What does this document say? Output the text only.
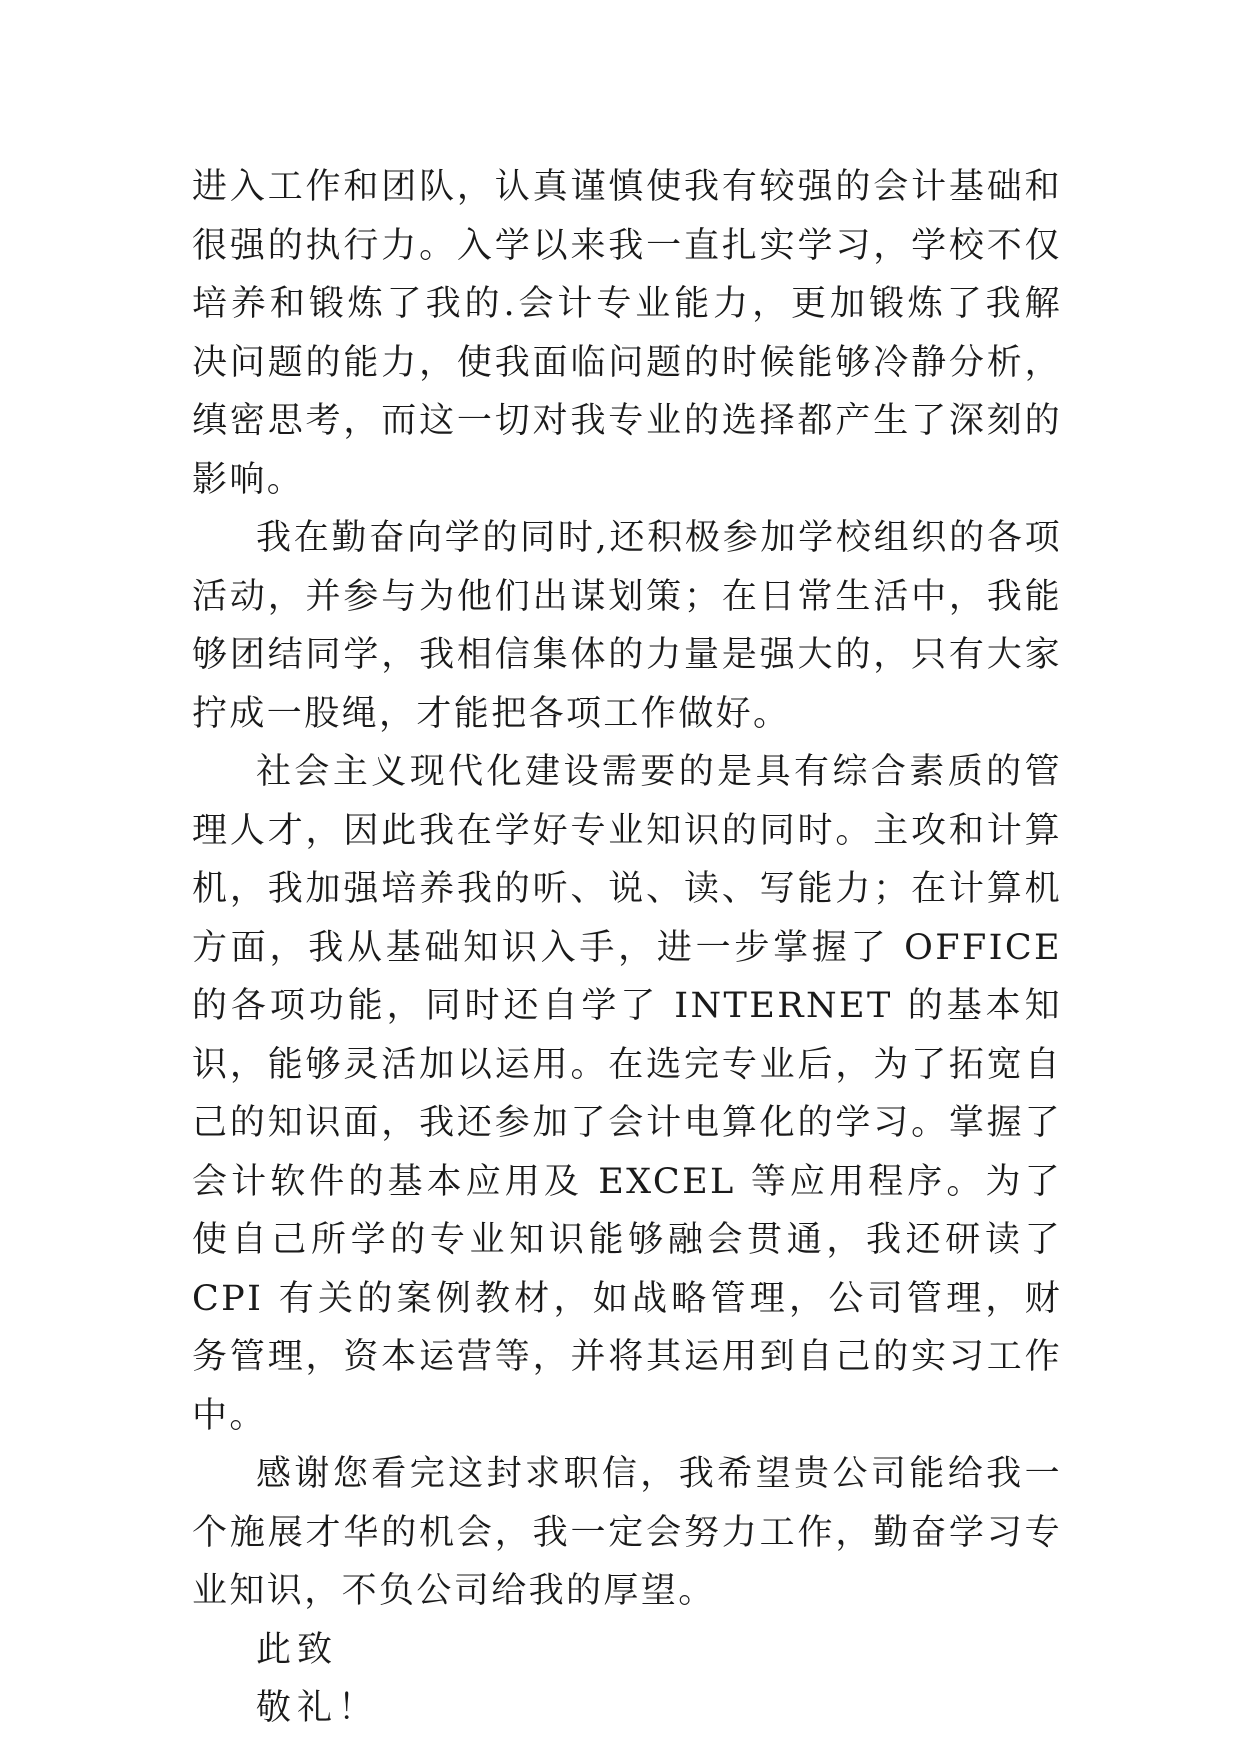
进入工作和团队，认真谨慎使我有较强的会计基础和很强的执行力。入学以来我一直扎实学习，学校不仅培养和锻炼了我的.会计专业能力，更加锻炼了我解决问题的能力，使我面临问题的时候能够冷静分析，缜密思考，而这一切对我专业的选择都产生了深刻的影响。

我在勤奋向学的同时,还积极参加学校组织的各项活动，并参与为他们出谋划策；在日常生活中，我能够团结同学，我相信集体的力量是强大的，只有大家拧成一股绳，才能把各项工作做好。

社会主义现代化建设需要的是具有综合素质的管理人才，因此我在学好专业知识的同时。主攻和计算机，我加强培养我的听、说、读、写能力；在计算机方面，我从基础知识入手，进一步掌握了 OFFICE 的各项功能，同时还自学了 INTERNET 的基本知识，能够灵活加以运用。在选完专业后，为了拓宽自己的知识面，我还参加了会计电算化的学习。掌握了会计软件的基本应用及 EXCEL 等应用程序。为了使自己所学的专业知识能够融会贯通，我还研读了 CPI 有关的案例教材，如战略管理，公司管理，财务管理，资本运营等，并将其运用到自己的实习工作中。

感谢您看完这封求职信，我希望贵公司能给我一个施展才华的机会，我一定会努力工作，勤奋学习专业知识，不负公司给我的厚望。

此致

敬礼！
